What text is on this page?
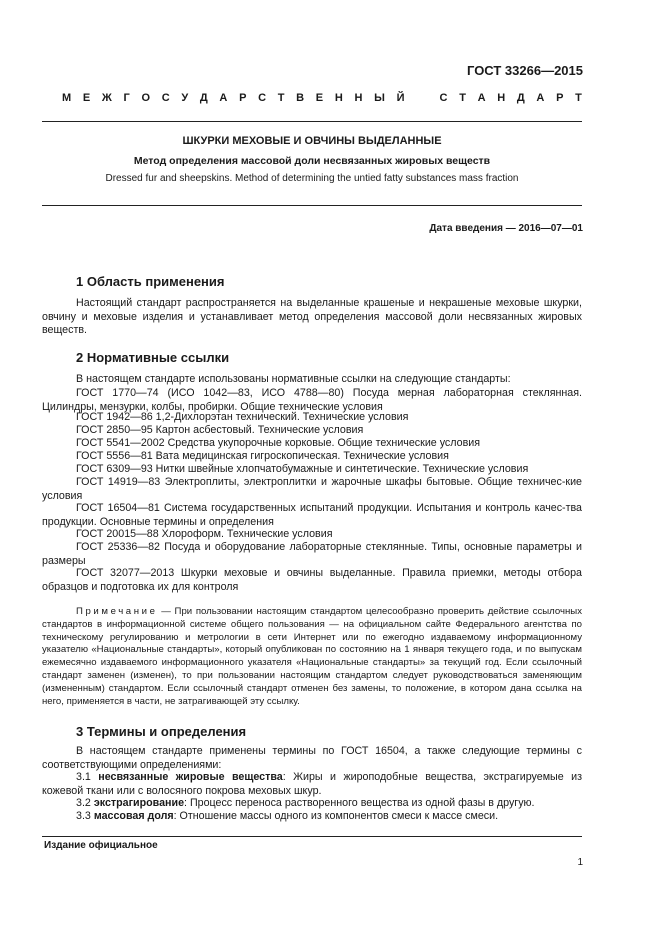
ГОСТ 33266—2015
М Е Ж Г О С У Д А Р С Т В Е Н Н Ы Й	С Т А Н Д А Р Т
ШКУРКИ МЕХОВЫЕ И ОВЧИНЫ ВЫДЕЛАННЫЕ
Метод определения массовой доли несвязанных жировых веществ
Dressed fur and sheepskins. Method of determining the untied fatty substances mass fraction
Дата введения — 2016—07—01
1 Область применения

Настоящий стандарт распространяется на выделанные крашеные и некрашеные меховые шкурки, овчину и меховые изделия и устанавливает метод определения массовой доли несвязанных жировых веществ.

2 Нормативные ссылки

В настоящем стандарте использованы нормативные ссылки на следующие стандарты:

ГОСТ 1770—74 (ИСО 1042—83, ИСО 4788—80) Посуда мерная лабораторная стеклянная. Цилиндры, мензурки, колбы, пробирки. Общие технические условия

ГОСТ 1942—86 1,2-Дихлорэтан технический. Технические условия

ГОСТ 2850—95 Картон асбестовый. Технические условия

ГОСТ 5541—2002 Средства укупорочные корковые. Общие технические условия

ГОСТ 5556—81 Вата медицинская гигроскопическая. Технические условия

ГОСТ 6309—93 Нитки швейные хлопчатобумажные и синтетические. Технические условия

ГОСТ 14919—83 Электроплиты, электроплитки и жарочные шкафы бытовые. Общие техничес-кие условия

ГОСТ 16504—81 Система государственных испытаний продукции. Испытания и контроль качес-тва продукции. Основные термины и определения

ГОСТ 20015—88 Хлороформ. Технические условия

ГОСТ 25336—82 Посуда и оборудование лабораторные стеклянные. Типы, основные параметры и размеры

ГОСТ 32077—2013 Шкурки меховые и овчины выделанные. Правила приемки, методы отбора образцов и подготовка их для контроля

Примечание — При пользовании настоящим стандартом целесообразно проверить действие ссылочных стандартов в информационной системе общего пользования — на официальном сайте Федерального агентства по техническому регулированию и метрологии в сети Интернет или по ежегодно издаваемому информационному указателю «Национальные стандарты», который опубликован по состоянию на 1 января текущего года, и по выпускам ежемесячно издаваемого информационного указателя «Национальные стандарты» за текущий год. Если ссылочный стандарт заменен (изменен), то при пользовании настоящим стандартом следует руководствоваться заменяющим (измененным) стандартом. Если ссылочный стандарт отменен без замены, то положение, в котором дана ссылка на него, применяется в части, не затрагивающей эту ссылку.

3 Термины и определения

В настоящем стандарте применены термины по ГОСТ 16504, а также следующие термины с соответствующими определениями:

3.1 несвязанные жировые вещества: Жиры и жироподобные вещества, экстрагируемые из кожевой ткани или с волосяного покрова меховых шкур.

3.2 экстрагирование: Процесс переноса растворенного вещества из одной фазы в другую.

3.3 массовая доля: Отношение массы одного из компонентов смеси к массе смеси.

Издание официальное
1
